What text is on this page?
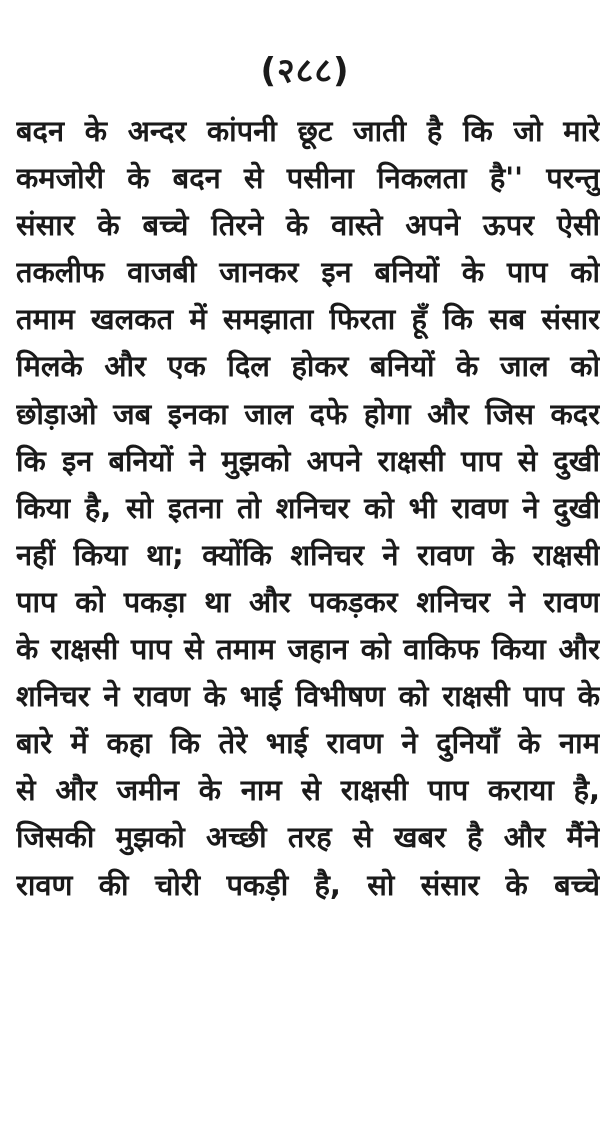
(२८८)
बदन के अन्दर कांपनी छूट जाती है कि जो मारे
कमजोरी के बदन से पसीना निकलता है'' परन्तु
संसार के बच्चे तिरने के वास्ते अपने ऊपर ऐसी
तकलीफ वाजबी जानकर इन बनियों के पाप को
तमाम खलकत में समझाता फिरता हूँ कि सब संसार
मिलके और एक दिल होकर बनियों के जाल को
छोड़ाओ जब इनका जाल दफे होगा और जिस कदर
कि इन बनियों ने मुझको अपने राक्षसी पाप से दुखी
किया है, सो इतना तो शनिचर को भी रावण ने दुखी
नहीं किया था; क्योंकि शनिचर ने रावण के राक्षसी
पाप को पकड़ा था और पकड़कर शनिचर ने रावण
के राक्षसी पाप से तमाम जहान को वाकिफ किया और
शनिचर ने रावण के भाई विभीषण को राक्षसी पाप के
बारे में कहा कि तेरे भाई रावण ने दुनियाँ के नाम
से और जमीन के नाम से राक्षसी पाप कराया है,
जिसकी मुझको अच्छी तरह से खबर है और मैंने
रावण की चोरी पकड़ी है, सो संसार के बच्चे
